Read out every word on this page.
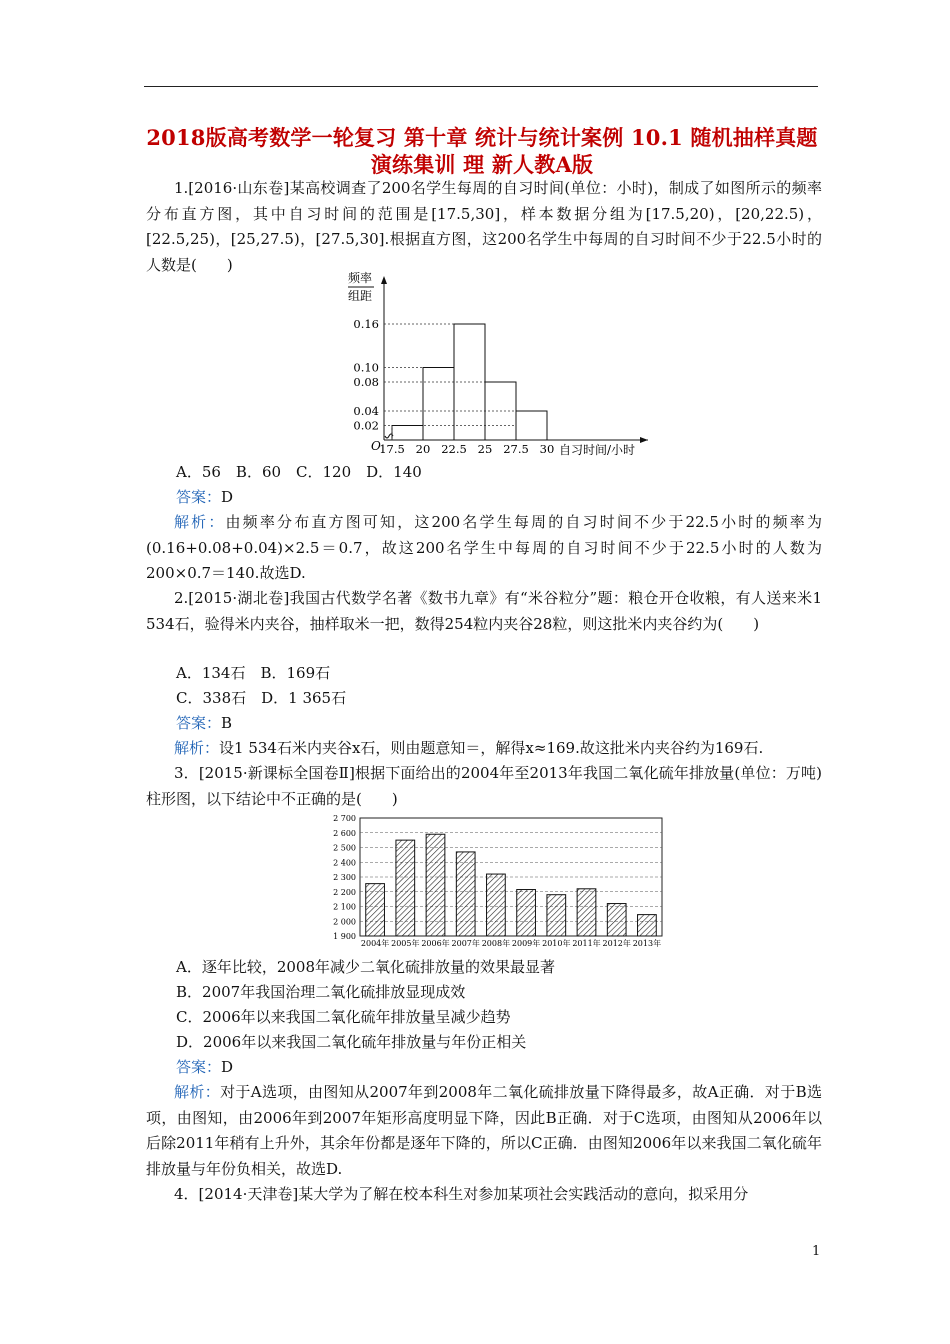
2018版高考数学一轮复习 第十章 统计与统计案例 10.1 随机抽样真题演练集训 理 新人教A版
1.[2016·山东卷]某高校调查了200名学生每周的自习时间(单位：小时)，制成了如图所示的频率分布直方图，其中自习时间的范围是[17.5,30]，样本数据分组为[17.5,20)，[20,22.5)，[22.5,25)，[25,27.5)，[27.5,30].根据直方图，这200名学生中每周的自习时间不少于22.5小时的人数是(　　)
频率
组距
0.02
0.04
0.08
0.10
0.16
O
17.5 20 22.5 25 27.5 30 自习时间/小时
A．56　B．60　C．120　D．140
答案：D
解析：由频率分布直方图可知，这200名学生每周的自习时间不少于22.5小时的频率为(0.16+0.08+0.04)×2.5＝0.7，故这200名学生中每周的自习时间不少于22.5小时的人数为200×0.7＝140.故选D.
2.[2015·湖北卷]我国古代数学名著《数书九章》有“米谷粒分”题：粮仓开仓收粮，有人送来米1 534石，验得米内夹谷，抽样取米一把，数得254粒内夹谷28粒，则这批米内夹谷约为(　　)
A．134石　B．169石
C．338石　D．1 365石
答案：B
解析：设1 534石米内夹谷x石，则由题意知＝，解得x≈169.故这批米内夹谷约为169石.
3．[2015·新课标全国卷Ⅱ]根据下面给出的2004年至2013年我国二氧化硫年排放量(单位：万吨)柱形图，以下结论中不正确的是(　　)
1 900
2 000
2 100
2 200
2 300
2 400
2 500
2 600
2 700
2004年 2005年 2006年 2007年 2008年 2009年 2010年 2011年 2012年 2013年
A．逐年比较，2008年减少二氧化硫排放量的效果最显著
B．2007年我国治理二氧化硫排放显现成效
C．2006年以来我国二氧化硫年排放量呈减少趋势
D．2006年以来我国二氧化硫年排放量与年份正相关
答案：D
解析：对于A选项，由图知从2007年到2008年二氧化硫排放量下降得最多，故A正确．对于B选项，由图知，由2006年到2007年矩形高度明显下降，因此B正确．对于C选项，由图知从2006年以后除2011年稍有上升外，其余年份都是逐年下降的，所以C正确．由图知2006年以来我国二氧化硫年排放量与年份负相关，故选D.
4．[2014·天津卷]某大学为了解在校本科生对参加某项社会实践活动的意向，拟采用分
1
